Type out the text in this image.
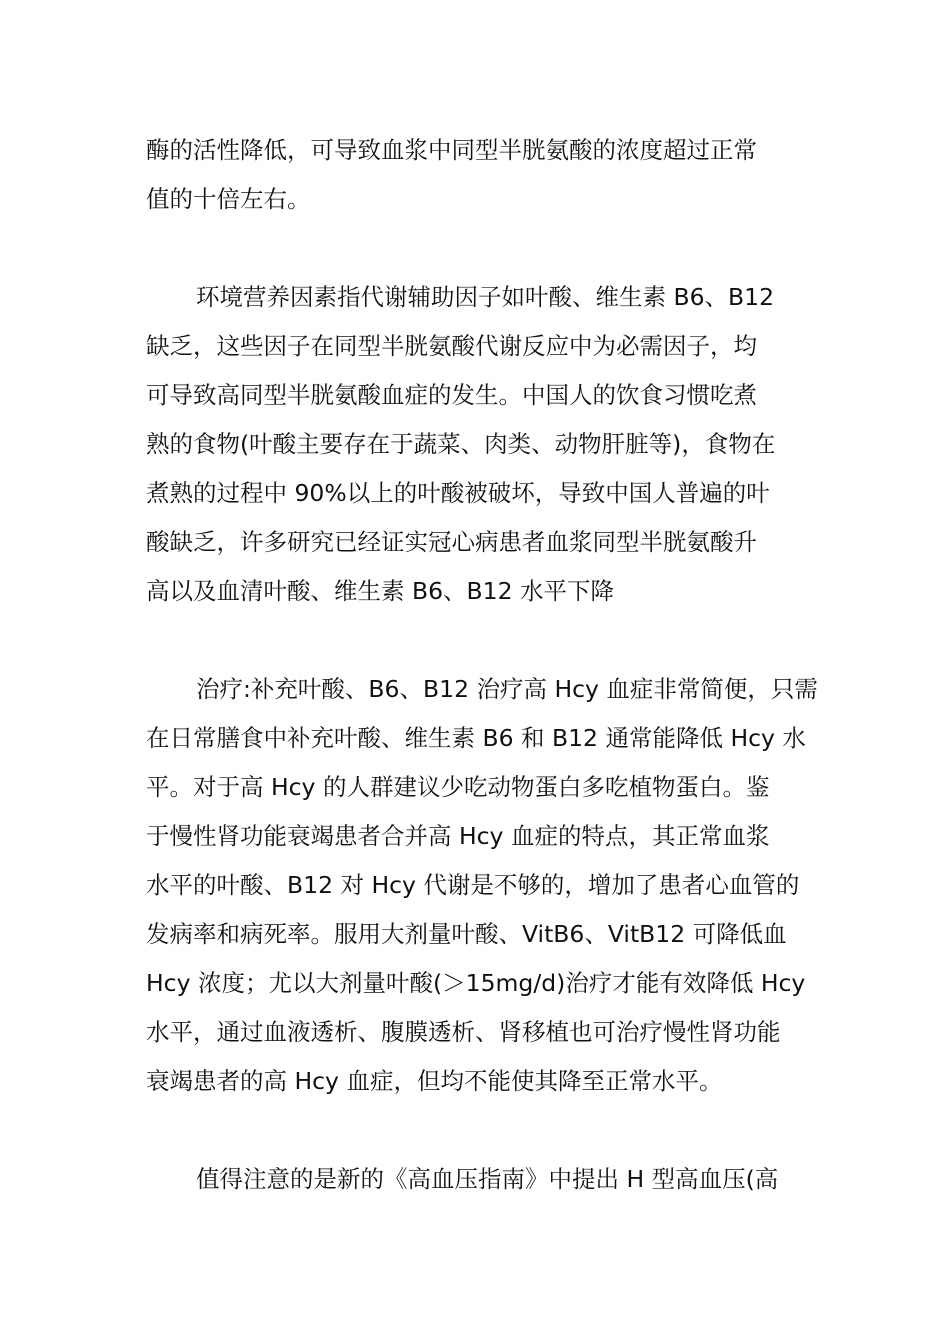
酶的活性降低，可导致血浆中同型半胱氨酸的浓度超过正常
值的十倍左右。
环境营养因素指代谢辅助因子如叶酸、维生素 B6、B12
缺乏，这些因子在同型半胱氨酸代谢反应中为必需因子，均
可导致高同型半胱氨酸血症的发生。中国人的饮食习惯吃煮
熟的食物(叶酸主要存在于蔬菜、肉类、动物肝脏等)，食物在
煮熟的过程中 90%以上的叶酸被破坏，导致中国人普遍的叶
酸缺乏，许多研究已经证实冠心病患者血浆同型半胱氨酸升
高以及血清叶酸、维生素 B6、B12 水平下降
治疗:补充叶酸、B6、B12 治疗高 Hcy 血症非常简便，只需
在日常膳食中补充叶酸、维生素 B6 和 B12 通常能降低 Hcy 水
平。对于高 Hcy 的人群建议少吃动物蛋白多吃植物蛋白。鉴
于慢性肾功能衰竭患者合并高 Hcy 血症的特点，其正常血浆
水平的叶酸、B12 对 Hcy 代谢是不够的，增加了患者心血管的
发病率和病死率。服用大剂量叶酸、VitB6、VitB12 可降低血
Hcy 浓度；尤以大剂量叶酸(＞15mg/d)治疗才能有效降低 Hcy
水平，通过血液透析、腹膜透析、肾移植也可治疗慢性肾功能
衰竭患者的高 Hcy 血症，但均不能使其降至正常水平。
值得注意的是新的《高血压指南》中提出 H 型高血压(高
